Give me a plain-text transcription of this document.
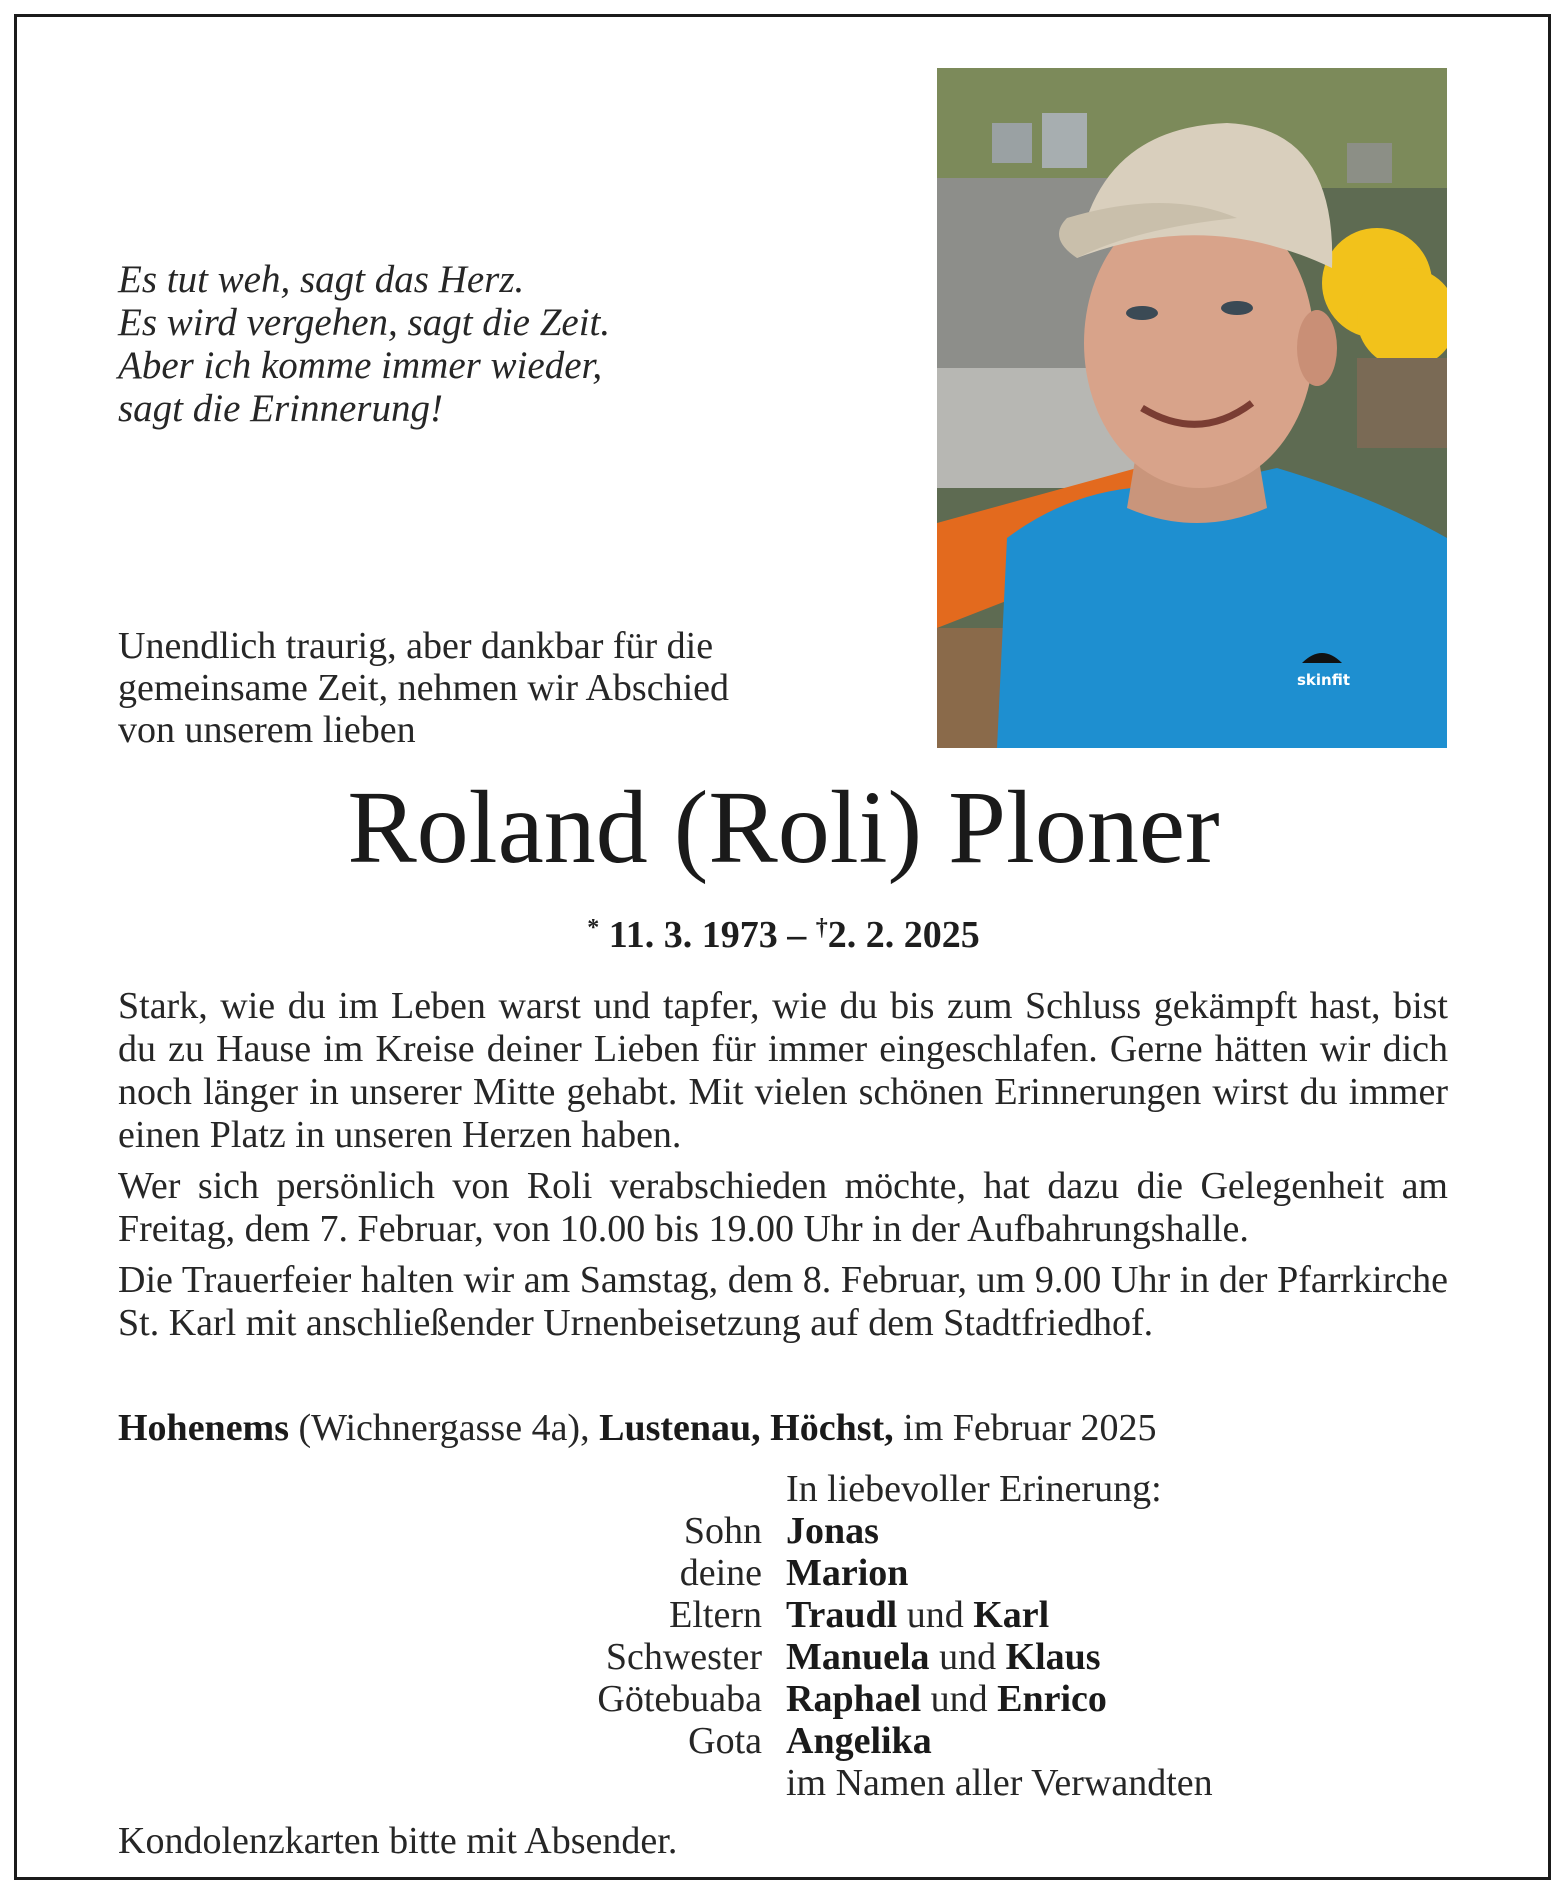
Es tut weh, sagt das Herz.
Es wird vergehen, sagt die Zeit.
Aber ich komme immer wieder,
sagt die Erinnerung!
skinfit
Unendlich traurig, aber dankbar für die
gemeinsame Zeit, nehmen wir Abschied
von unserem lieben
Roland (Roli) Ploner
* 11. 3. 1973 – †2. 2. 2025

Stark, wie du im Leben warst und tapfer, wie du bis zum Schluss gekämpft hast, bist du zu Hause im Kreise deiner Lieben für immer eingeschlafen. Gerne hätten wir dich noch länger in unserer Mitte gehabt. Mit vielen schönen Erinnerungen wirst du immer einen Platz in unseren Herzen haben.

Wer sich persönlich von Roli verabschieden möchte, hat dazu die Gelegenheit am Freitag, dem 7. Februar, von 10.00 bis 19.00 Uhr in der Aufbahrungshalle.

Die Trauerfeier halten wir am Samstag, dem 8. Februar, um 9.00 Uhr in der Pfarrkirche St. Karl mit anschließender Urnenbeisetzung auf dem Stadtfriedhof.

Hohenems (Wichnergasse 4a), Lustenau, Höchst, im Februar 2025
In liebevoller Erinerung:
Sohn Jonas
deine Marion
Eltern Traudl und Karl
Schwester Manuela und Klaus
Götebuaba Raphael und Enrico
Gota Angelika
im Namen aller Verwandten
Kondolenzkarten bitte mit Absender.
